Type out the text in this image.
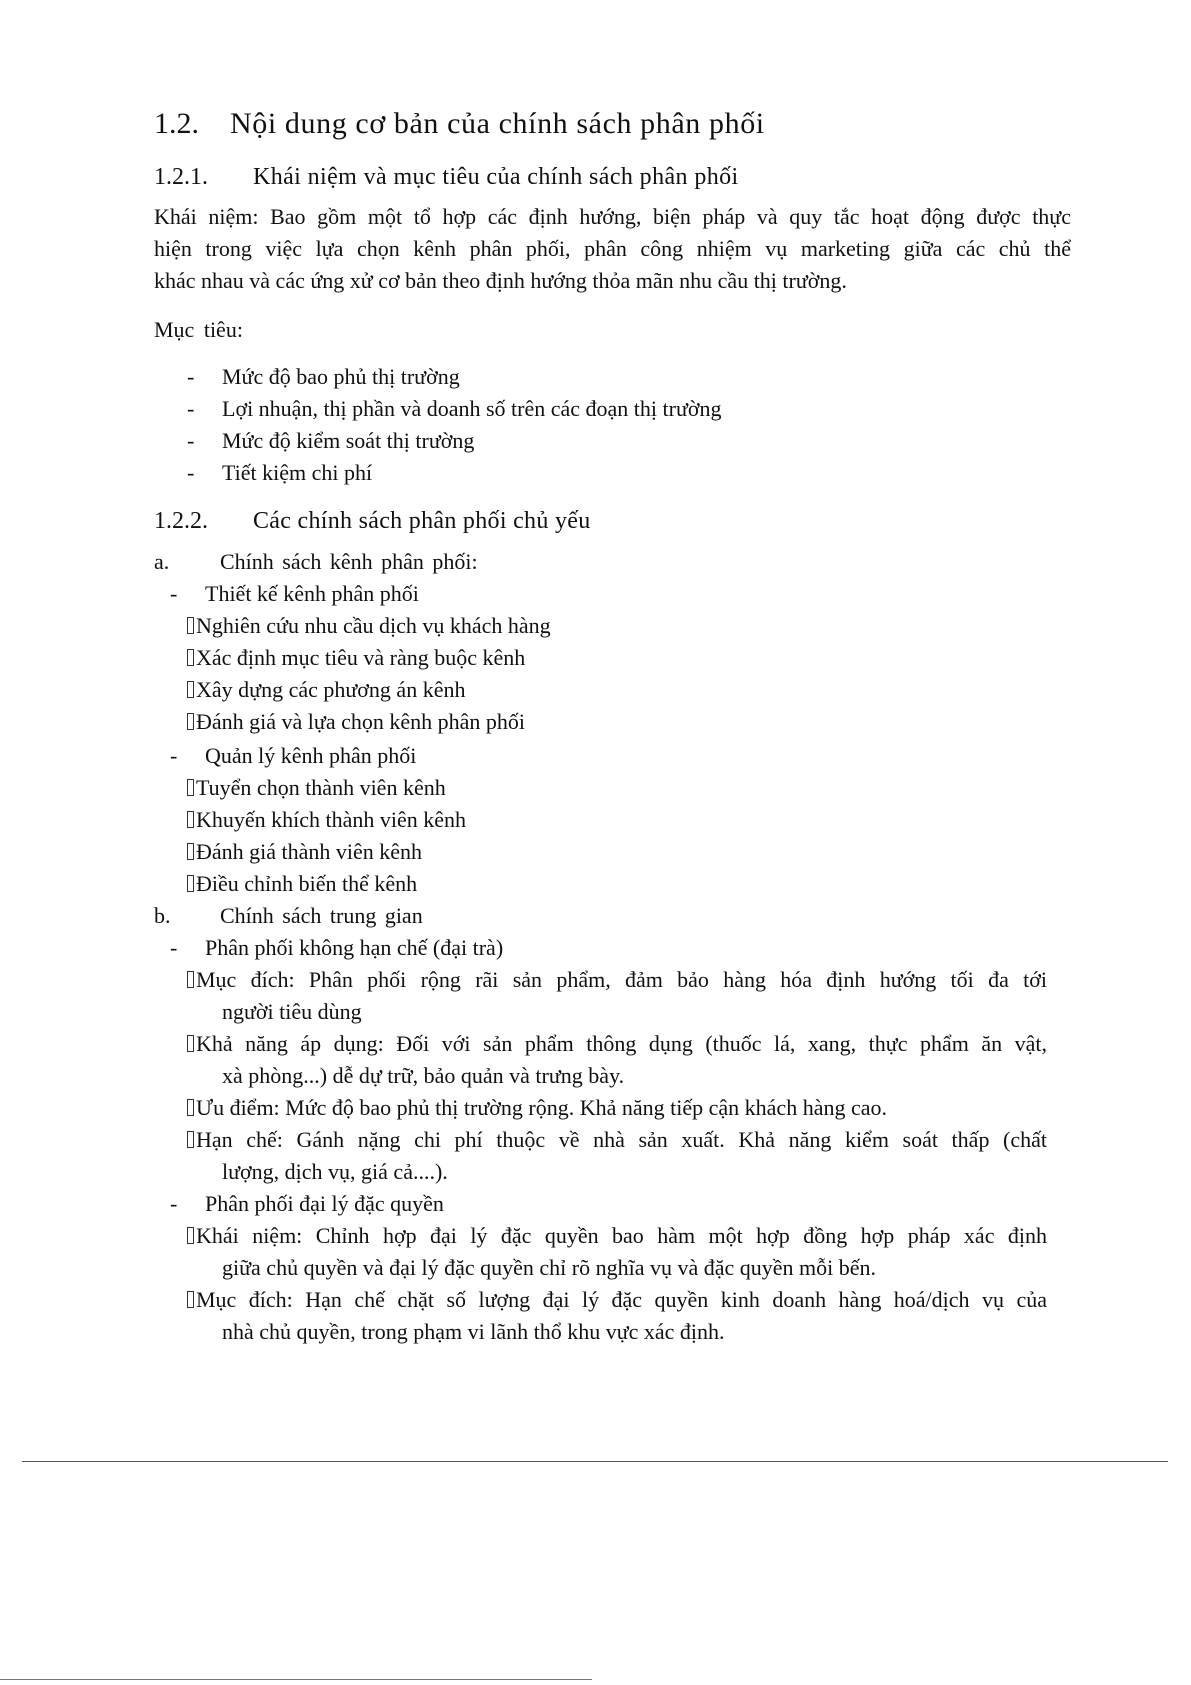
1.2. Nội dung cơ bản của chính sách phân phối
1.2.1. Khái niệm và mục tiêu của chính sách phân phối
Khái niệm: Bao gồm một tổ hợp các định hướng, biện pháp và quy tắc hoạt động được thực
hiện trong việc lựa chọn kênh phân phối, phân công nhiệm vụ marketing giữa các chủ thể
khác nhau và các ứng xử cơ bản theo định hướng thỏa mãn nhu cầu thị trường.
Mục tiêu:
- Mức độ bao phủ thị trường
- Lợi nhuận, thị phần và doanh số trên các đoạn thị trường
- Mức độ kiểm soát thị trường
- Tiết kiệm chi phí
1.2.2. Các chính sách phân phối chủ yếu
a. Chính sách kênh phân phối:
- Thiết kế kênh phân phối
Nghiên cứu nhu cầu dịch vụ khách hàng
Xác định mục tiêu và ràng buộc kênh
Xây dựng các phương án kênh
Đánh giá và lựa chọn kênh phân phối
- Quản lý kênh phân phối
Tuyển chọn thành viên kênh
Khuyến khích thành viên kênh
Đánh giá thành viên kênh
Điều chỉnh biến thể kênh
b. Chính sách trung gian
- Phân phối không hạn chế (đại trà)
Mục đích: Phân phối rộng rãi sản phẩm, đảm bảo hàng hóa định hướng tối đa tới
người tiêu dùng
Khả năng áp dụng: Đối với sản phẩm thông dụng (thuốc lá, xang, thực phẩm ăn vật,
xà phòng...) dễ dự trữ, bảo quản và trưng bày.
Ưu điểm: Mức độ bao phủ thị trường rộng. Khả năng tiếp cận khách hàng cao.
Hạn chế: Gánh nặng chi phí thuộc về nhà sản xuất. Khả năng kiểm soát thấp (chất
lượng, dịch vụ, giá cả....).
- Phân phối đại lý đặc quyền
Khái niệm: Chỉnh hợp đại lý đặc quyền bao hàm một hợp đồng hợp pháp xác định
giữa chủ quyền và đại lý đặc quyền chỉ rõ nghĩa vụ và đặc quyền mỗi bến.
Mục đích: Hạn chế chặt số lượng đại lý đặc quyền kinh doanh hàng hoá/dịch vụ của
nhà chủ quyền, trong phạm vi lãnh thổ khu vực xác định.
